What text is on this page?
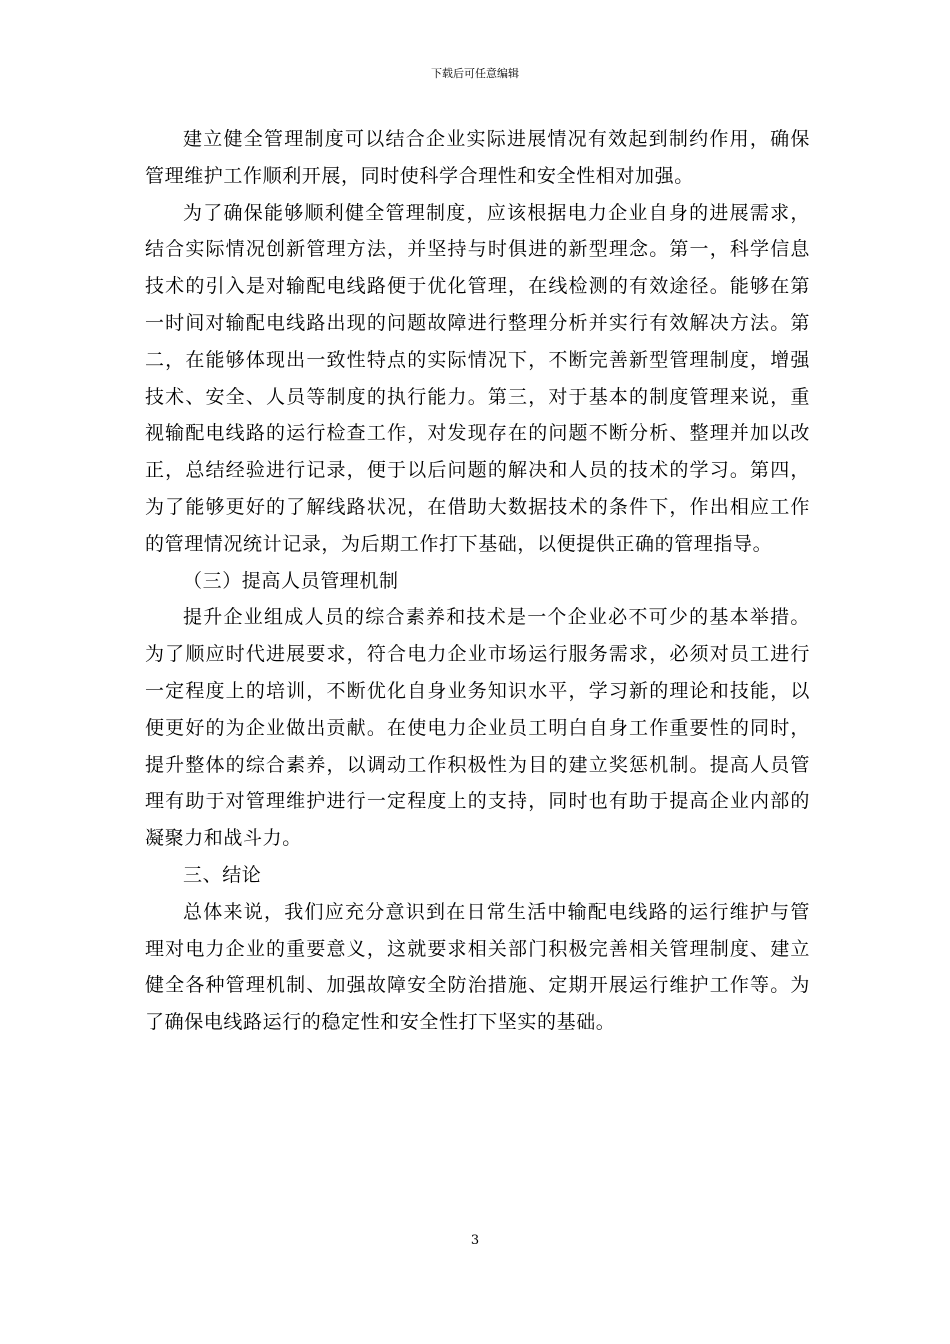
下载后可任意编辑

建立健全管理制度可以结合企业实际进展情况有效起到制约作用，确保管理维护工作顺利开展，同时使科学合理性和安全性相对加强。

为了确保能够顺利健全管理制度，应该根据电力企业自身的进展需求，结合实际情况创新管理方法，并坚持与时俱进的新型理念。第一，科学信息技术的引入是对输配电线路便于优化管理，在线检测的有效途径。能够在第一时间对输配电线路出现的问题故障进行整理分析并实行有效解决方法。第二，在能够体现出一致性特点的实际情况下，不断完善新型管理制度，增强技术、安全、人员等制度的执行能力。第三，对于基本的制度管理来说，重视输配电线路的运行检查工作，对发现存在的问题不断分析、整理并加以改正，总结经验进行记录，便于以后问题的解决和人员的技术的学习。第四，为了能够更好的了解线路状况，在借助大数据技术的条件下，作出相应工作的管理情况统计记录，为后期工作打下基础，以便提供正确的管理指导。

（三）提高人员管理机制

提升企业组成人员的综合素养和技术是一个企业必不可少的基本举措。为了顺应时代进展要求，符合电力企业市场运行服务需求，必须对员工进行一定程度上的培训，不断优化自身业务知识水平，学习新的理论和技能，以便更好的为企业做出贡献。在使电力企业员工明白自身工作重要性的同时，提升整体的综合素养，以调动工作积极性为目的建立奖惩机制。提高人员管理有助于对管理维护进行一定程度上的支持，同时也有助于提高企业内部的凝聚力和战斗力。

三、结论

总体来说，我们应充分意识到在日常生活中输配电线路的运行维护与管理对电力企业的重要意义，这就要求相关部门积极完善相关管理制度、建立健全各种管理机制、加强故障安全防治措施、定期开展运行维护工作等。为了确保电线路运行的稳定性和安全性打下坚实的基础。

3
